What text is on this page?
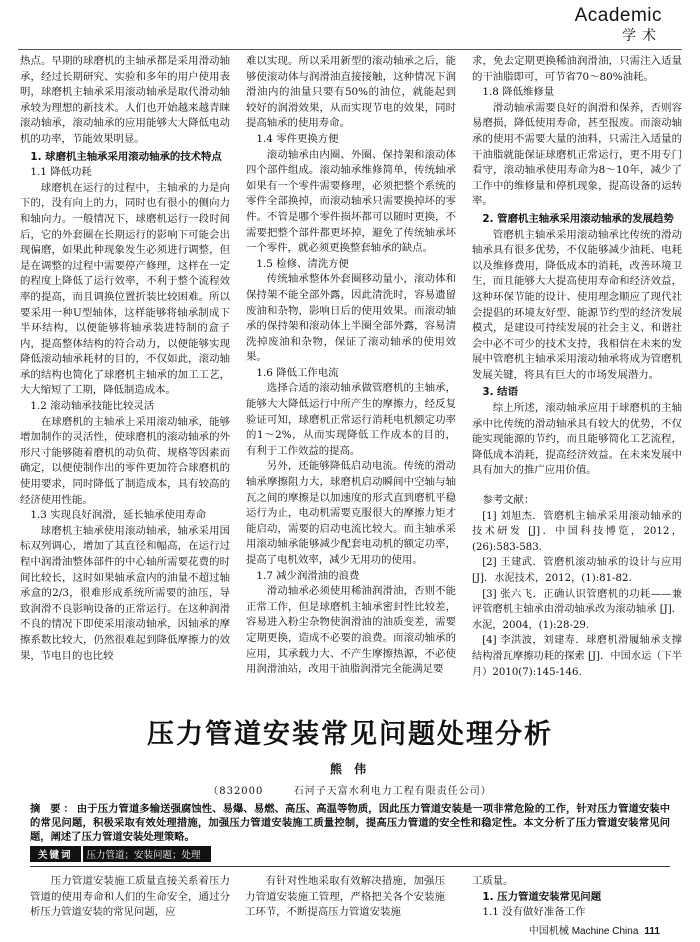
Academic
学术

热点。早期的球磨机的主轴承都是采用滑动轴承，经过长期研究、实验和多年的用户使用表明，球磨机主轴承采用滚动轴承是取代滑动轴承较为理想的新技术。人们也开始越来越青睐滚动轴承，滚动轴承的应用能够大大降低电动机的功率，节能效果明显。

1. 球磨机主轴承采用滚动轴承的技术特点

1.1 降低功耗

球磨机在运行的过程中，主轴承的力是向下的，没有向上的力，同时也有很小的侧向力和轴向力。一般情况下，球磨机运行一段时间后，它的外套圈在长期运行的影响下可能会出现偏磨，如果此种现象发生必须进行调整，但是在调整的过程中需要停产修理，这样在一定的程度上降低了运行效率，不利于整个流程效率的提高，而且调换位置折装比较困难。所以要采用一种U型轴体，这样能够将轴承制成下半环结构，以便能够将轴承装进特制的盒子内，提高整体结构的符合动力，以便能够实现降低滚动轴承耗材的目的，不仅如此，滚动轴承的结构也简化了球磨机主轴承的加工工艺，大大缩短了工期，降低制造成本。

1.2 滚动轴承技能比较灵活

在球磨机的主轴承上采用滚动轴承，能够增加制作的灵活性，使球磨机的滚动轴承的外形尺寸能够随着磨机的动负荷、规格等因素而确定，以便使制作出的零件更加符合球磨机的使用要求，同时降低了制造成本，具有较高的经济使用性能。

1.3 实现良好润滑，延长轴承使用寿命

球磨机主轴承使用滚动轴承，轴承采用国标双列调心，增加了其直径和幅高，在运行过程中润滑油整体部件的中心轴所需要花费的时间比较长，这时如果轴承盒内的油量不超过轴承盒的2/3，很难形成系统所需要的油压，导致润滑不良影响设备的正常运行。在这种润滑不良的情况下即使采用滚动轴承，因轴承的摩擦系数比较大，仍然很难起到降低摩擦力的效果，节电目的也比较

难以实现。所以采用新型的滚动轴承之后，能够使滚动体与润滑油直接接触，这种情况下润滑油内的油量只要有50%的油位，就能起到较好的润滑效果，从而实现节电的效果，同时提高轴承的使用寿命。

1.4 零件更换方便

滚动轴承由内圈、外圈、保持架和滚动体四个部件组成。滚动轴承维修简单，传统轴承如果有一个零件需要修理，必须把整个系统的零件全部换掉，而滚动轴承只需要换掉坏的零件。不管是哪个零件损坏都可以随时更换，不需要把整个部件都更坏掉，避免了传统轴承坏一个零件，就必须更换整套轴承的缺点。

1.5 检修、清洗方便

传统轴承整体外套圈移动量小，滚动体和保持架不能全部外露，因此清洗时，容易遗留废油和杂物，影响日后的使用效果。而滚动轴承的保持架和滚动体上半圈全部外露，容易清洗掉废油和杂物，保证了滚动轴承的使用效果。

1.6 降低工作电流

选择合适的滚动轴承做管磨机的主轴承，能够大大降低运行中所产生的摩擦力，经反复验证可知，球磨机正常运行消耗电机额定功率的1～2%，从而实现降低工作成本的目的，有利于工作效益的提高。

另外，还能够降低启动电流。传统的滑动轴承摩擦阻力大，球磨机启动瞬间中空轴与轴瓦之间的摩擦是以加速度的形式直到磨机平稳运行为止，电动机需要克服很大的摩擦力矩才能启动，需要的启动电流比较大。而主轴承采用滚动轴承能够减少配套电动机的额定功率，提高了电机效率，减少无用功的使用。

1.7 减少润滑油的浪费

滑动轴承必须使用稀油润滑油，否则不能正常工作，但是球磨机主轴承密封性比较差，容易进入粉尘杂物使润滑油的油质变差，需要定期更换，造成不必要的浪费。而滚动轴承的应用，其承载力大、不产生摩擦热源，不必使用润滑油站，改用干油脂润滑完全能满足要

求，免去定期更换稀油润滑油，只需注入适量的干油脂即可，可节省70～80%油耗。

1.8 降低维修量

滑动轴承需要良好的润滑和保养，否则容易磨损，降低使用寿命，甚至报废。而滚动轴承的使用不需要大量的油料，只需注入适量的干油脂就能保证球磨机正常运行，更不用专门看守，滚动轴承使用寿命为8～10年，减少了工作中的维修量和停机现象，提高设备的运转率。

2. 管磨机主轴承采用滚动轴承的发展趋势

管磨机主轴承采用滚动轴承比传统的滑动轴承具有很多优势，不仅能够减少油耗、电耗以及维修费用，降低成本的消耗，改善环境卫生，而且能够大大提高使用寿命和经济效益，这种环保节能的设计、使用理念顺应了现代社会提倡的环境友好型、能源节约型的经济发展模式，是建设可持续发展的社会主义、和谐社会中必不可少的技术支持，我相信在未来的发展中管磨机主轴承采用滚动轴承将成为管磨机发展关键，将具有巨大的市场发展潜力。

3. 结语

综上所述，滚动轴承应用于球磨机的主轴承中比传统的滑动轴承具有较大的优势，不仅能实现能源的节约，而且能够简化工艺流程，降低成本消耗，提高经济效益。在未来发展中具有加大的推广应用价值。

参考文献：

[1] 刘旭杰．管磨机主轴承采用滚动轴承的技术研发 [J]．中国科技博览，2012，(26):583-583.

[2] 王建武．管磨机滚动轴承的设计与应用 [J]．水泥技术，2012，(1):81-82.

[3] 张六飞．正确认识管磨机的功耗——兼评管磨机主轴承由滑动轴承改为滚动轴承 [J]．水泥，2004，(1):28-29.

[4] 李洪波，刘建寿．球磨机滑履轴承支撑结构滑瓦摩擦功耗的探索 [J]．中国水运（下半月）2010(7):145-146.

压力管道安装常见问题处理分析
熊 伟
（832000	石河子天富水利电力工程有限责任公司）
摘 要：由于压力管道多输送强腐蚀性、易爆、易燃、高压、高温等物质，因此压力管道安装是一项非常危险的工作，针对压力管道安装中的常见问题，积极采取有效处理措施，加强压力管道安装施工质量控制，提高压力管道的安全性和稳定性。本文分析了压力管道安装常见问题，阐述了压力管道安装处理策略。
关键词 压力管道；安装问题；处理

压力管道安装施工质量直接关系着压力管道的使用寿命和人们的生命安全，通过分析压力管道安装的常见问题，应

有针对性地采取有效解决措施，加强压力管道安装施工管理，严格把关各个安装施工环节，不断提高压力管道安装施

工质量。

1. 压力管道安装常见问题

1.1 没有做好准备工作

中国机械 Machine China 111
